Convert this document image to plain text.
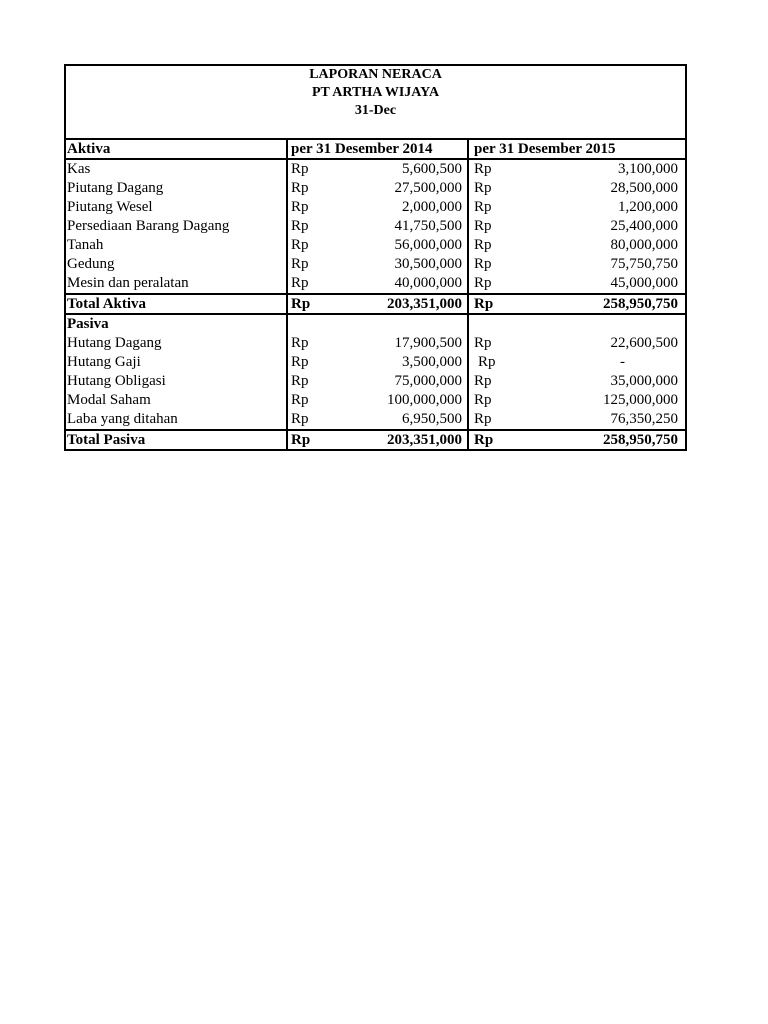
LAPORAN NERACA
PT ARTHA WIJAYA
31-Dec
Aktiva	per 31 Desember 2014	per 31 Desember 2015
Kas	Rp	5,600,500 Rp	3,100,000
Piutang Dagang	Rp	27,500,000 Rp	28,500,000
Piutang Wesel	Rp	2,000,000 Rp	1,200,000
Persediaan Barang Dagang	Rp	41,750,500 Rp	25,400,000
Tanah	Rp	56,000,000 Rp	80,000,000
Gedung	Rp	30,500,000 Rp	75,750,750
Mesin dan peralatan	Rp	40,000,000 Rp	45,000,000
Total Aktiva	Rp	203,351,000 Rp	258,950,750
Pasiva
Hutang Dagang	Rp	17,900,500 Rp	22,600,500
Hutang Gaji	Rp	3,500,000 Rp	-
Hutang Obligasi	Rp	75,000,000 Rp	35,000,000
Modal Saham	Rp	100,000,000 Rp	125,000,000
Laba yang ditahan	Rp	6,950,500 Rp	76,350,250
Total Pasiva	Rp	203,351,000 Rp	258,950,750
